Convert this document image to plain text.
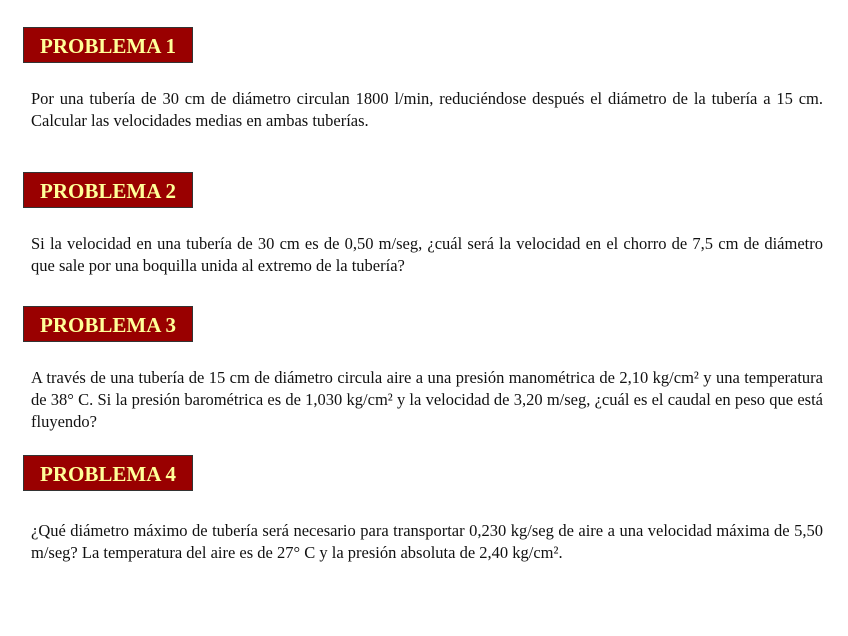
PROBLEMA 1
Por una tubería de 30 cm de diámetro circulan 1800 l/min, reduciéndose después el diámetro de la tubería a 15 cm. Calcular las velocidades medias en ambas tuberías.
PROBLEMA 2
Si la velocidad en una tubería de 30 cm es de 0,50 m/seg, ¿cuál será la velocidad en el chorro de 7,5 cm de diámetro que sale por una boquilla unida al extremo de la tubería?
PROBLEMA 3
A través de una tubería de 15 cm de diámetro circula aire a una presión manométrica de 2,10 kg/cm² y una temperatura de 38° C. Si la presión barométrica es de 1,030 kg/cm² y la velocidad de 3,20 m/seg, ¿cuál es el caudal en peso que está fluyendo?
PROBLEMA 4
¿Qué diámetro máximo de tubería será necesario para transportar 0,230 kg/seg de aire a una velocidad máxima de 5,50 m/seg? La temperatura del aire es de 27° C y la presión absoluta de 2,40 kg/cm².
